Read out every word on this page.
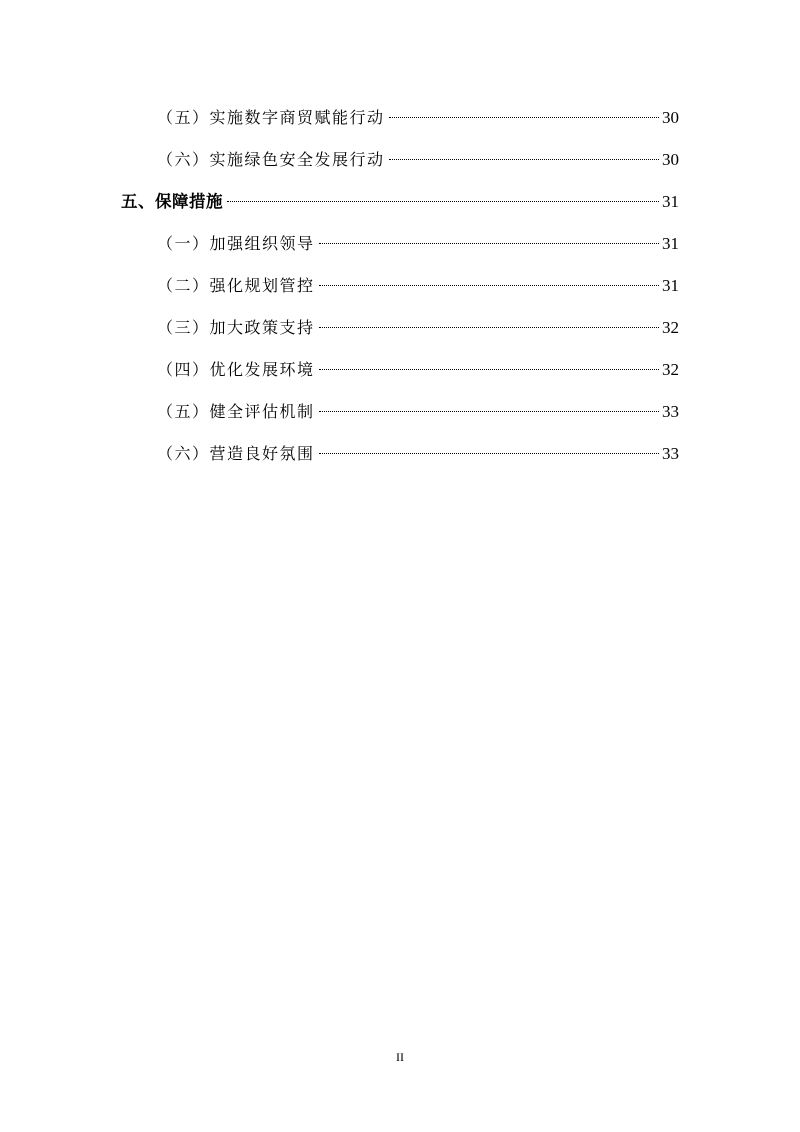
（五）实施数字商贸赋能行动	30
（六）实施绿色安全发展行动	30
五、保障措施	31
（一）加强组织领导	31
（二）强化规划管控	31
（三）加大政策支持	32
（四）优化发展环境	32
（五）健全评估机制	33
（六）营造良好氛围	33
II
